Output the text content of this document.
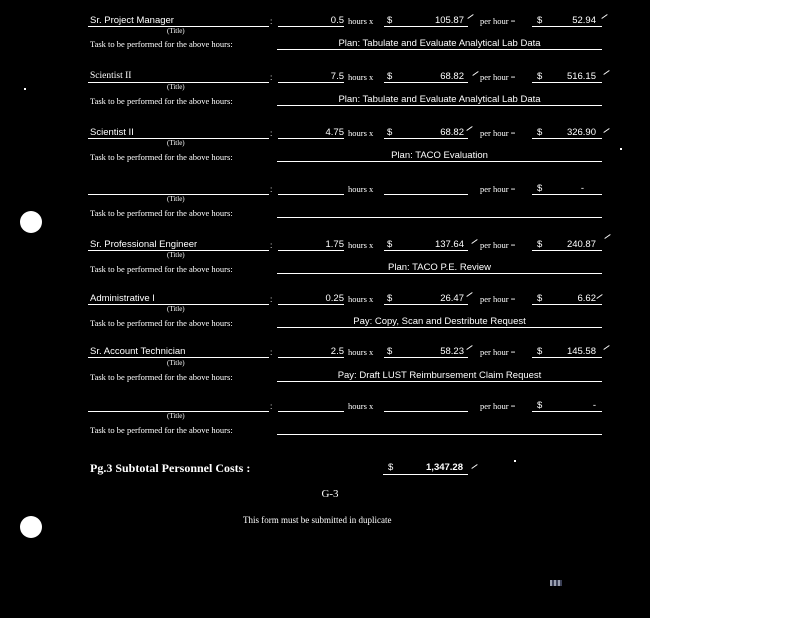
Sr. Project Manager	:	0.5 hours x $	105.87 per hour = $	52.94
(Title)
Task to be performed for the above hours:	Plan: Tabulate and Evaluate Analytical Lab Data
Scientist II	:	7.5 hours x $	68.82 per hour = $	516.15
(Title)
Task to be performed for the above hours:	Plan: Tabulate and Evaluate Analytical Lab Data
Scientist II	:	4.75 hours x $	68.82 per hour = $	326.90
(Title)
Task to be performed for the above hours:	Plan: TACO Evaluation
:	hours x	per hour = $	-
(Title)
Task to be performed for the above hours:
Sr. Professional Engineer	:	1.75 hours x $	137.64 per hour = $	240.87
(Title)
Task to be performed for the above hours:	Plan: TACO P.E. Review
Administrative I	:	0.25 hours x $	26.47 per hour = $	6.62
(Title)
Task to be performed for the above hours:	Pay: Copy, Scan and Destribute Request
Sr. Account Technician	:	2.5 hours x $	58.23 per hour = $	145.58
(Title)
Task to be performed for the above hours:	Pay: Draft LUST Reimbursement Claim Request
:	hours x	per hour = $	-
(Title)
Task to be performed for the above hours:
Pg.3 Subtotal Personnel Costs :	$	1,347.28
G-3
This form must be submitted in duplicate
